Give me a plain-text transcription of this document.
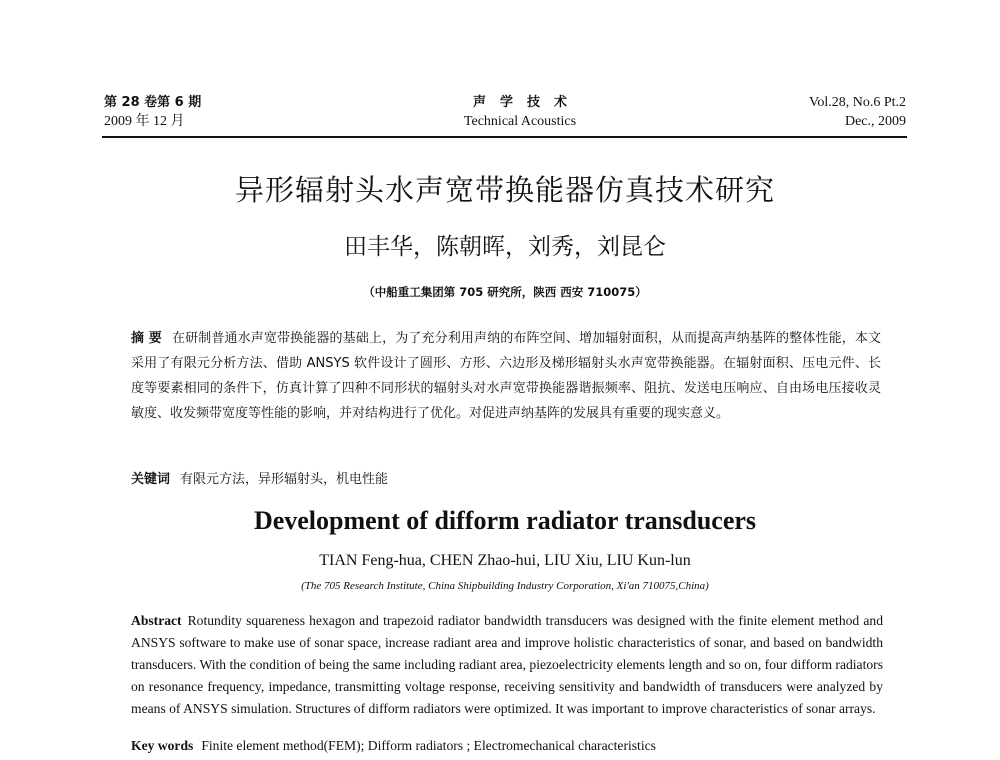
第 28 卷第 6 期
2009 年 12 月
声学技术
Technical Acoustics
Vol.28, No.6 Pt.2
Dec., 2009
异形辐射头水声宽带换能器仿真技术研究
田丰华，陈朝晖，刘秀，刘昆仑
（中船重工集团第 705 研究所，陕西 西安 710075）
摘 要 在研制普通水声宽带换能器的基础上，为了充分利用声纳的布阵空间、增加辐射面积，从而提高声纳基阵的整体性能，本文采用了有限元分析方法、借助 ANSYS 软件设计了圆形、方形、六边形及梯形辐射头水声宽带换能器。在辐射面积、压电元件、长度等要素相同的条件下，仿真计算了四种不同形状的辐射头对水声宽带换能器谐振频率、阻抗、发送电压响应、自由场电压接收灵敏度、收发频带宽度等性能的影响，并对结构进行了优化。对促进声纳基阵的发展具有重要的现实意义。
关键词 有限元方法，异形辐射头，机电性能
Development of difform radiator transducers
TIAN Feng-hua, CHEN Zhao-hui, LIU Xiu, LIU Kun-lun
(The 705 Research Institute, China Shipbuilding Industry Corporation, Xi'an 710075,China)
Abstract Rotundity squareness hexagon and trapezoid radiator bandwidth transducers was designed with the finite element method and ANSYS software to make use of sonar space, increase radiant area and improve holistic characteristics of sonar, and based on bandwidth transducers. With the condition of being the same including radiant area, piezoelectricity elements length and so on, four difform radiators on resonance frequency, impedance, transmitting voltage response, receiving sensitivity and bandwidth of transducers were analyzed by means of ANSYS simulation. Structures of difform radiators were optimized. It was important to improve characteristics of sonar arrays.
Key words Finite element method(FEM); Difform radiators ; Electromechanical characteristics
